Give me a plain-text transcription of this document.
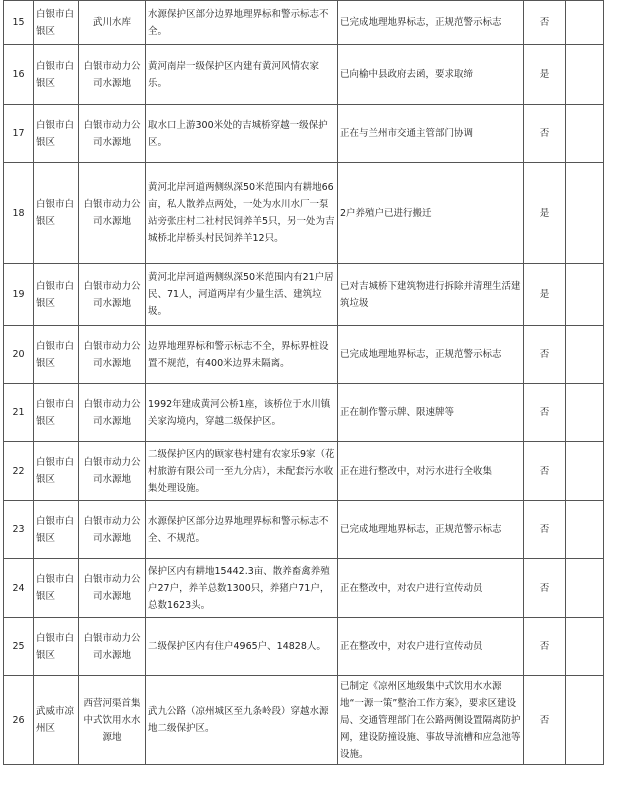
15	白银市白银区	武川水库	水源保护区部分边界地理界标和警示标志不全。	已完成地理地界标志，正规范警示标志	否	
16	白银市白银区	白银市动力公司水源地	黄河南岸一级保护区内建有黄河风情农家乐。	已向榆中县政府去函，要求取缔	是	
17	白银市白银区	白银市动力公司水源地	取水口上游300米处的吉城桥穿越一级保护区。	正在与兰州市交通主管部门协调	否	
18	白银市白银区	白银市动力公司水源地	黄河北岸河道两侧纵深50米范围内有耕地66亩，私人散养点两处，一处为水川水厂一泵站旁张庄村二社村民饲养羊5只，另一处为吉城桥北岸桥头村民饲养羊12只。	2户养殖户已进行搬迁	是	
19	白银市白银区	白银市动力公司水源地	黄河北岸河道两侧纵深50米范围内有21户居民、71人，河道两岸有少量生活、建筑垃圾。	已对吉城桥下建筑物进行拆除并清理生活建筑垃圾	是	
20	白银市白银区	白银市动力公司水源地	边界地理界标和警示标志不全，界标界桩设置不规范，有400米边界未隔离。	已完成地理地界标志，正规范警示标志	否	
21	白银市白银区	白银市动力公司水源地	1992年建成黄河公桥1座，该桥位于水川镇关家沟境内，穿越二级保护区。	正在制作警示牌、限速牌等	否	
22	白银市白银区	白银市动力公司水源地	二级保护区内的顾家巷村建有农家乐9家（花村旅游有限公司一至九分店），未配套污水收集处理设施。	正在进行整改中，对污水进行全收集	否	
23	白银市白银区	白银市动力公司水源地	水源保护区部分边界地理界标和警示标志不全、不规范。	已完成地理地界标志，正规范警示标志	否	
24	白银市白银区	白银市动力公司水源地	保护区内有耕地15442.3亩、散养畜禽养殖户27户，养羊总数1300只，养猪户71户，总数1623头。	正在整改中，对农户进行宣传动员	否	
25	白银市白银区	白银市动力公司水源地	二级保护区内有住户4965户、14828人。	正在整改中，对农户进行宣传动员	否	
26	武威市凉州区	西营河渠首集中式饮用水水源地	武九公路（凉州城区至九条岭段）穿越水源地二级保护区。	已制定《凉州区地级集中式饮用水水源地“一源一策”整治工作方案》，要求区建设局、交通管理部门在公路两侧设置隔离防护网，建设防撞设施、事故导流槽和应急池等设施。	否	
